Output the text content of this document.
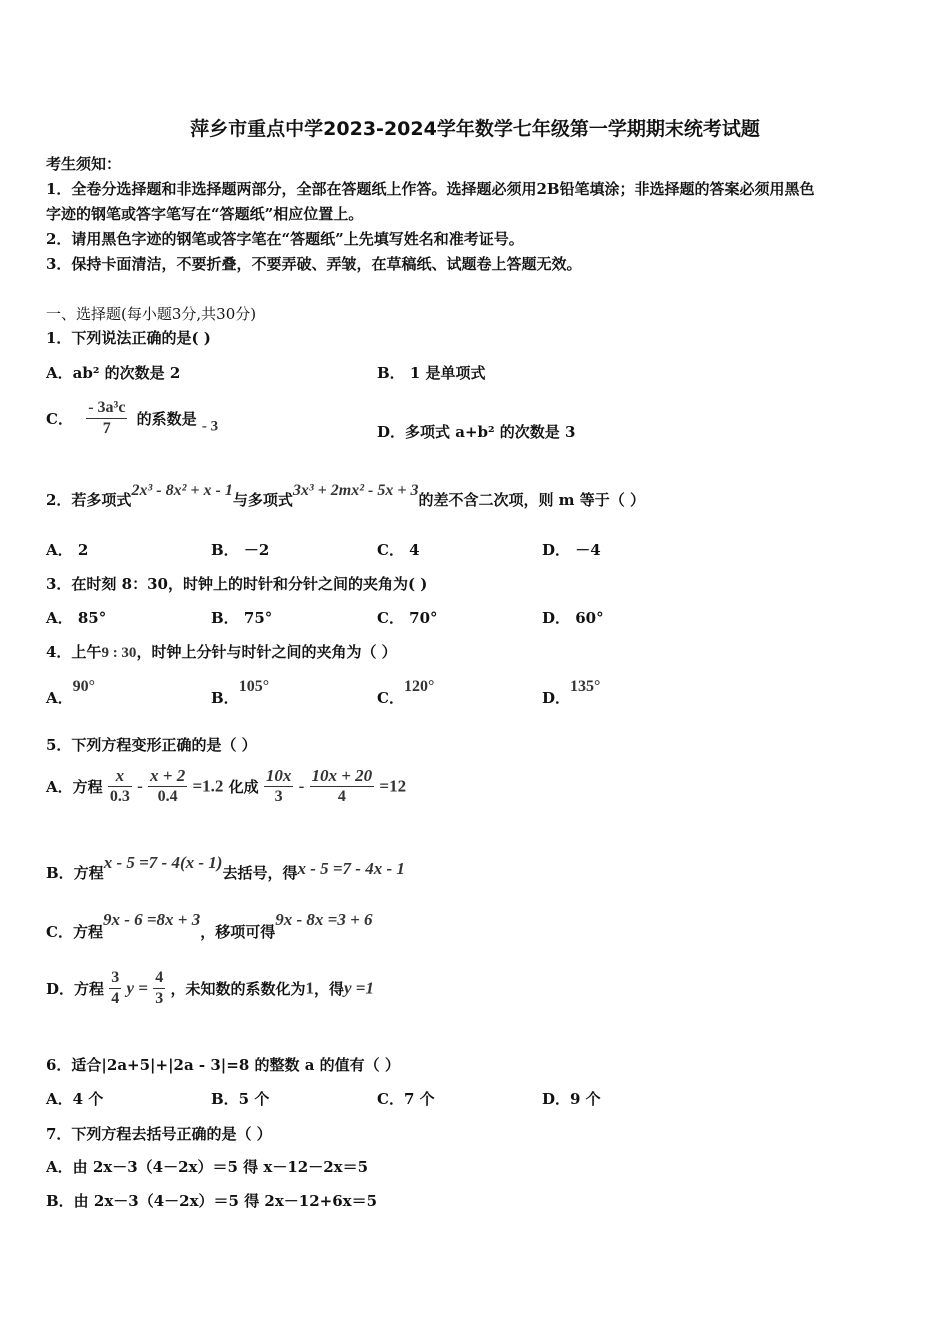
萍乡市重点中学2023-2024学年数学七年级第一学期期末统考试题
考生须知：
1．全卷分选择题和非选择题两部分，全部在答题纸上作答。选择题必须用2B铅笔填涂；非选择题的答案必须用黑色
字迹的钢笔或答字笔写在“答题纸”相应位置上。
2．请用黑色字迹的钢笔或答字笔在“答题纸”上先填写姓名和准考证号。
3．保持卡面清洁，不要折叠，不要弄破、弄皱，在草稿纸、试题卷上答题无效。
一、选择题(每小题3分,共30分)
1．下列说法正确的是( )
A．ab² 的次数是 2	B． 1 是单项式
C． $\frac{\text{- 3a³c}}{7}$ 的系数是 - 3	D．多项式 a+b² 的次数是 3
2．若多项式2x³ - 8x² + x - 1与多项式3x³ + 2mx² - 5x + 3的差不含二次项，则 m 等于（ ）
A． 2	B． －2	C． 4	D． －4
3．在时刻 8：30，时钟上的时针和分针之间的夹角为( )
A． 85°	B． 75°	C． 70°	D． 60°
4．上午9 : 30，时钟上分针与时针之间的夹角为（ ）
A．90°
B．105°
C．120°
D．135°
5．下列方程变形正确的是（ ）
A．方程 $\frac{x}{0.3} - \frac{x + 2}{0.4} =1.2$ 化成 $\frac{10x}{3} - \frac{10x + 20}{4} =12$
B．方程x - 5 =7 - 4(x - 1)去括号，得x - 5 =7 - 4x - 1
C．方程9x - 6 =8x + 3，移项可得9x - 8x =3 + 6
D．方程 $\frac{3}{4}$ $y = \frac{4}{3}$ ，未知数的系数化为1，得y =1
6．适合|2a+5|+|2a - 3|=8 的整数 a 的值有（ ）
A．4 个	B．5 个	C．7 个	D．9 个
7．下列方程去括号正确的是（ ）
A．由 2x－3（4－2x）＝5 得 x－12－2x＝5
B．由 2x－3（4－2x）＝5 得 2x－12+6x＝5
